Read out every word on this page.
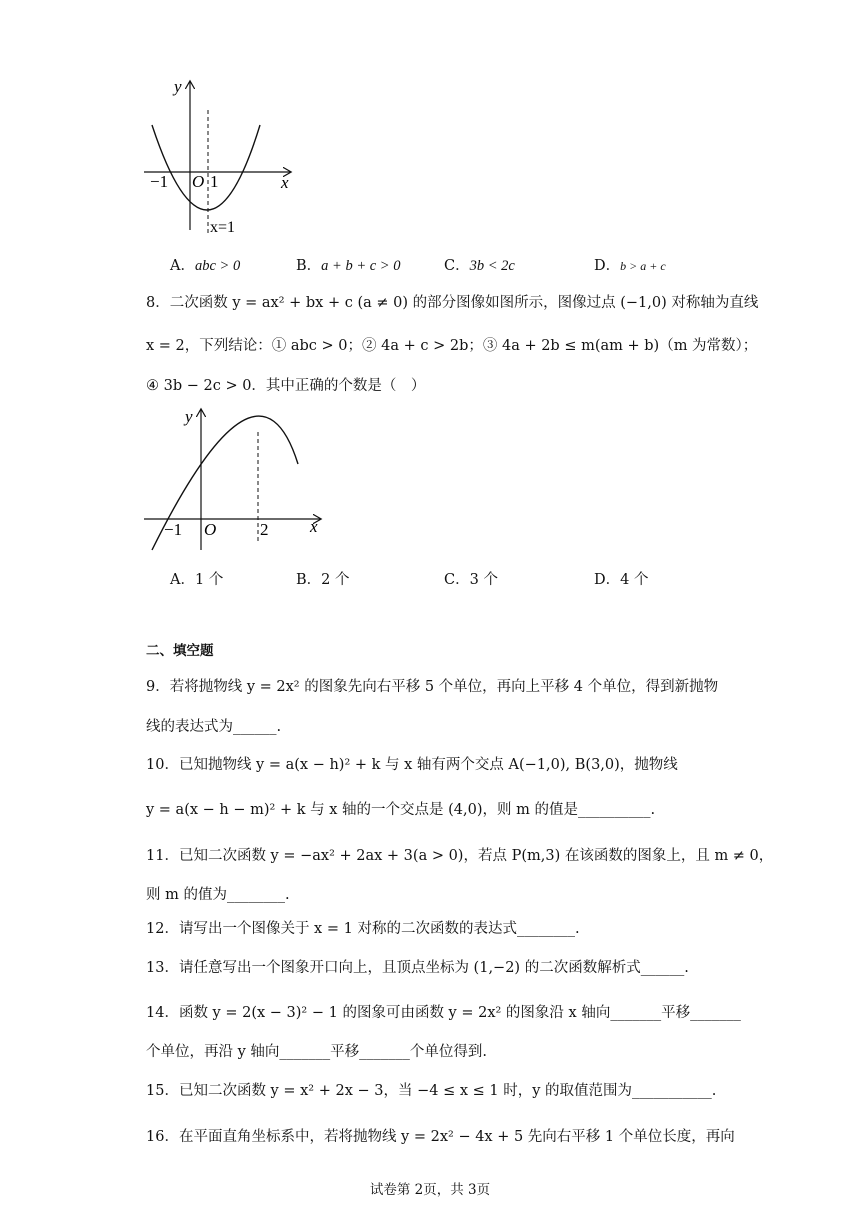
y
x
O
−1 1
x=1
A．abc > 0	B．a + b + c > 0	C．3b < 2c	D．b > a + c
8．二次函数 y = ax² + bx + c (a ≠ 0) 的部分图像如图所示，图像过点 (−1,0) 对称轴为直线
x = 2，下列结论：① abc > 0；② 4a + c > 2b；③ 4a + 2b ≤ m(am + b)（m 为常数）；
④ 3b − 2c > 0．其中正确的个数是（　）
y
x
O
−1	2
A．1 个	B．2 个	C．3 个	D．4 个
二、填空题
9．若将抛物线 y = 2x² 的图象先向右平移 5 个单位，再向上平移 4 个单位，得到新抛物
线的表达式为______.
10．已知抛物线 y = a(x − h)² + k 与 x 轴有两个交点 A(−1,0), B(3,0)，抛物线
y = a(x − h − m)² + k 与 x 轴的一个交点是 (4,0)，则 m 的值是__________.
11．已知二次函数 y = −ax² + 2ax + 3(a > 0)，若点 P(m,3) 在该函数的图象上，且 m ≠ 0，
则 m 的值为________.
12．请写出一个图像关于 x = 1 对称的二次函数的表达式________.
13．请任意写出一个图象开口向上，且顶点坐标为 (1,−2) 的二次函数解析式______.
14．函数 y = 2(x − 3)² − 1 的图象可由函数 y = 2x² 的图象沿 x 轴向_______平移_______
个单位，再沿 y 轴向_______平移_______个单位得到.
15．已知二次函数 y = x² + 2x − 3，当 −4 ≤ x ≤ 1 时，y 的取值范围为___________.
16．在平面直角坐标系中，若将抛物线 y = 2x² − 4x + 5 先向右平移 1 个单位长度，再向
试卷第 2页，共 3页
